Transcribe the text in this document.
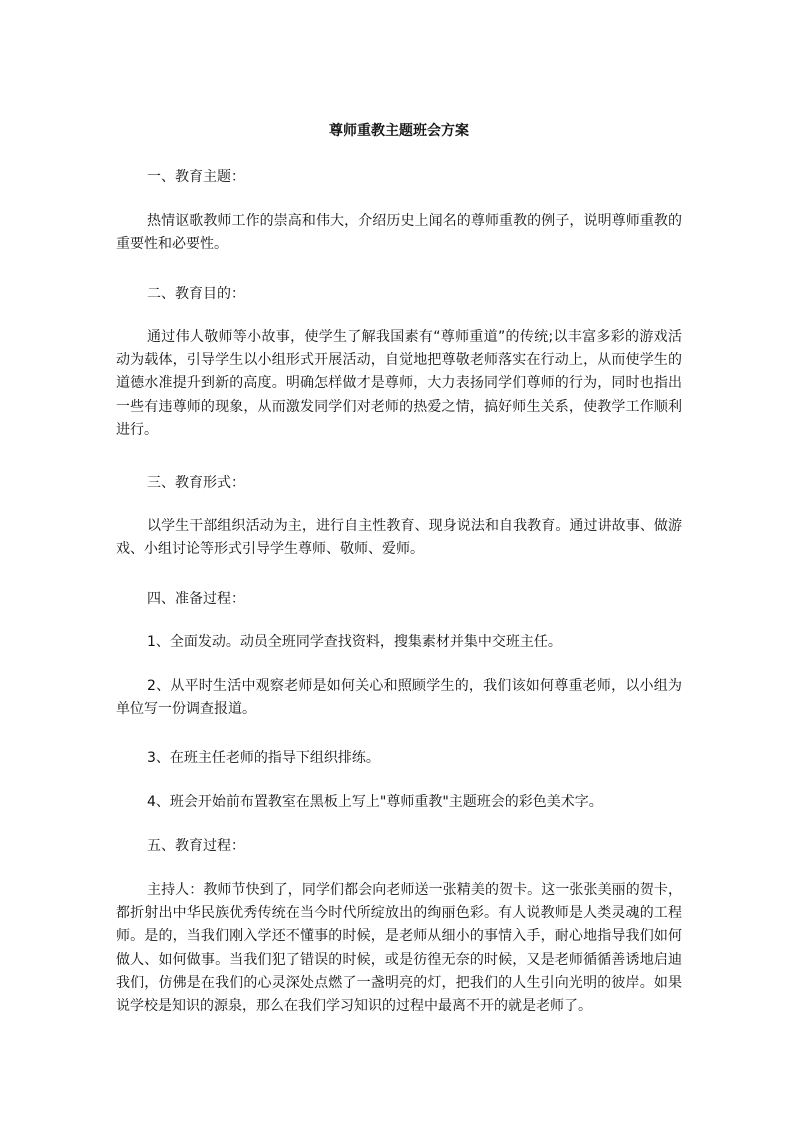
尊师重教主题班会方案

一、教育主题：

热情讴歌教师工作的崇高和伟大，介绍历史上闻名的尊师重教的例子，说明尊师重教的重要性和必要性。

二、教育目的：

通过伟人敬师等小故事，使学生了解我国素有“尊师重道”的传统;以丰富多彩的游戏活动为载体，引导学生以小组形式开展活动，自觉地把尊敬老师落实在行动上，从而使学生的道德水准提升到新的高度。明确怎样做才是尊师，大力表扬同学们尊师的行为，同时也指出一些有违尊师的现象，从而激发同学们对老师的热爱之情，搞好师生关系，使教学工作顺利进行。

三、教育形式：

以学生干部组织活动为主，进行自主性教育、现身说法和自我教育。通过讲故事、做游戏、小组讨论等形式引导学生尊师、敬师、爱师。

四、准备过程：

1、全面发动。动员全班同学查找资料，搜集素材并集中交班主任。

2、从平时生活中观察老师是如何关心和照顾学生的，我们该如何尊重老师，以小组为单位写一份调查报道。

3、在班主任老师的指导下组织排练。

4、班会开始前布置教室在黑板上写上"尊师重教"主题班会的彩色美术字。

五、教育过程：

主持人：教师节快到了，同学们都会向老师送一张精美的贺卡。这一张张美丽的贺卡，都折射出中华民族优秀传统在当今时代所绽放出的绚丽色彩。有人说教师是人类灵魂的工程师。是的，当我们刚入学还不懂事的时候，是老师从细小的事情入手，耐心地指导我们如何做人、如何做事。当我们犯了错误的时候，或是彷徨无奈的时候，又是老师循循善诱地启迪我们，仿佛是在我们的心灵深处点燃了一盏明亮的灯，把我们的人生引向光明的彼岸。如果说学校是知识的源泉，那么在我们学习知识的过程中最离不开的就是老师了。
